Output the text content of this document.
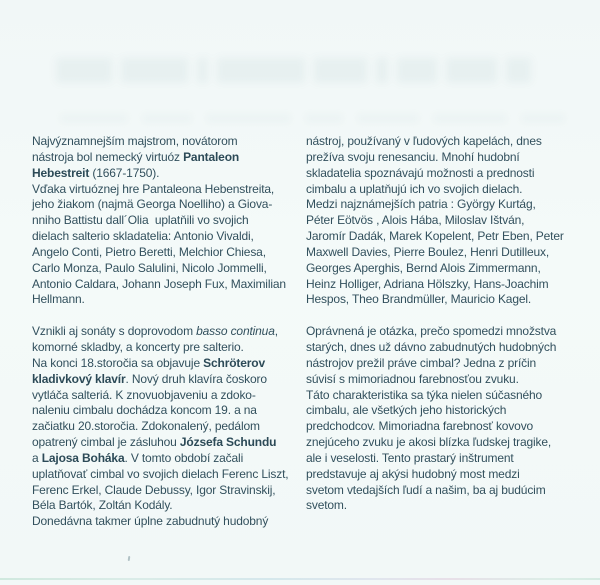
Najvýznamnejším majstrom, novátorom
nástroja bol nemecký virtuóz Pantaleon
Hebestreit (1667-1750).
Vďaka virtuóznej hre Pantaleona Hebenstreita,
jeho žiakom (najmä Georga Noelliho) a Giova-
nniho Battistu dall´Olia  uplatňili vo svojich
dielach salterio skladatelia: Antonio Vivaldi,
Angelo Conti, Pietro Beretti, Melchior Chiesa,
Carlo Monza, Paulo Salulini, Nicolo Jommelli,
Antonio Caldara, Johann Joseph Fux, Maximilian
Hellmann.
Vznikli aj sonáty s doprovodom basso continua,
komorné skladby, a koncerty pre salterio.
Na konci 18.storočia sa objavuje Schröterov
kladivkový klavír. Nový druh klavíra čoskoro
vytláča salteriá. K znovuobjaveniu a zdoko-
naleniu cimbalu dochádza koncom 19. a na
začiatku 20.storočia. Zdokonalený, pedálom
opatrený cimbal je zásluhou Józsefa Schundu
a Lajosa Boháka. V tomto období začali
uplatňovať cimbal vo svojich dielach Ferenc Liszt,
Ferenc Erkel, Claude Debussy, Igor Stravinskij,
Béla Bartók, Zoltán Kodály.
Donedávna takmer úplne zabudnutý hudobný
nástroj, používaný v ľudových kapelách, dnes
prežíva svoju renesanciu. Mnohí hudobní
skladatelia spoznávajú možnosti a prednosti
cimbalu a uplatňujú ich vo svojich dielach.
Medzi najznámejších patria : György Kurtág,
Péter Eötvös , Alois Hába, Miloslav Ištván,
Jaromír Dadák, Marek Kopelent, Petr Eben, Peter
Maxwell Davies, Pierre Boulez, Henri Dutilleux,
Georges Aperghis, Bernd Alois Zimmermann,
Heinz Holliger, Adriana Hölszky, Hans-Joachim
Hespos, Theo Brandmüller, Mauricio Kagel.
Oprávnená je otázka, prečo spomedzi množstva
starých, dnes už dávno zabudnutých hudobných
nástrojov prežil práve cimbal? Jedna z príčin
súvisí s mimoriadnou farebnosťou zvuku.
Táto charakteristika sa týka nielen súčasného
cimbalu, ale všetkých jeho historických
predchodcov. Mimoriadna farebnosť kovovo
znejúceho zvuku je akosi blízka ľudskej tragike,
ale i veselosti. Tento prastarý inštrument
predstavuje aj akýsi hudobný most medzi
svetom vtedajších ľudí a našim, ba aj budúcim
svetom.
